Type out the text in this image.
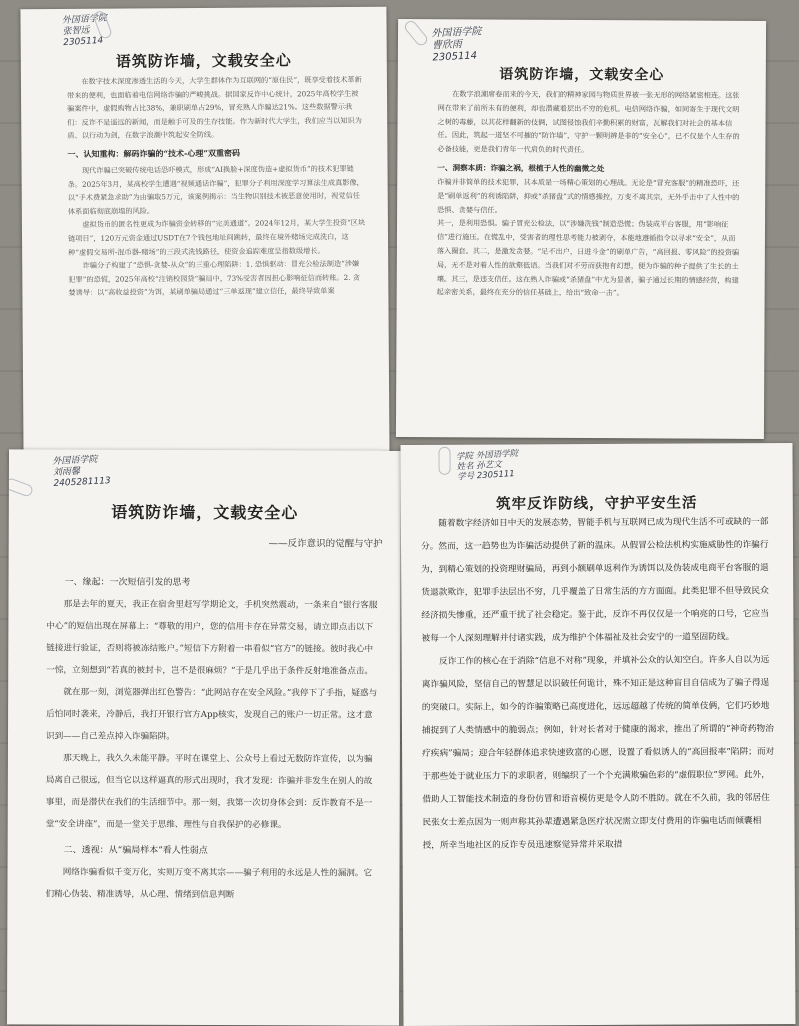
外国语学院
张智远
2305114
语筑防诈墙，文载安全心

在数字技术深度渗透生活的今天，大学生群体作为互联网的“原住民”，既享受着技术革新带来的便利，也面临着电信网络诈骗的严峻挑战。据国家反诈中心统计，2025年高校学生被骗案件中，虚假购物占比38%，兼职刷单占29%，冒充熟人诈骗达21%。这些数据警示我们：反诈不是遥远的新闻，而是触手可及的生存技能。作为新时代大学生，我们应当以知识为盾、以行动为剑，在数字浪潮中筑起安全防线。

一、认知重构：解码诈骗的“技术-心理”双重密码

现代诈骗已突破传统电话恐吓模式，形成“AI换脸+深度伪造+虚拟货币”的技术犯罪链条。2025年3月，某高校学生遭遇“视频通话诈骗”，犯罪分子利用深度学习算法生成真影像，以“手术费紧急求助”为由骗取5万元，该案例揭示：当生物识别技术被恶意使用时，视觉信任体系面临彻底崩塌的风险。

虚拟货币的匿名性更成为诈骗资金转移的“完美通道”。2024年12月，某大学生投资“区块链项目”，120万元资金通过USDT在7个钱包地址间跳转，最终在境外赌场完成洗白，这种“虚假交易所-混币器-赌场”的三段式洗钱路径，使资金追踪难度呈指数级增长。

诈骗分子构建了“恐惧-贪婪-从众”的三重心理陷阱：1. 恐惧驱动：冒充公检法制造“涉嫌犯罪”的恐慌，2025年高校“注销校园贷”骗局中，73%受害者因担心影响征信而转账。2. 贪婪诱导：以“高收益投资”为饵，某刷单骗局通过“三单返现”建立信任，最终导致单案

外国语学院
曹欣雨
2305114
语筑防诈墙，文载安全心

在数字浪潮席卷而来的今天，我们的精神家园与物质世界被一张无形的网络紧密相连。这张网在带来了前所未有的便利，却也潜藏着层出不穷的危机。电信网络诈骗，如同寄生于现代文明之树的毒藤，以其花样翻新的伎俩，试图侵蚀我们辛勤积累的财富，瓦解我们对社会的基本信任。因此，筑起一道坚不可摧的“防诈墙”，守护一颗明辨是非的“安全心”，已不仅是个人生存的必备技能，更是我们青年一代肩负的时代责任。

一、洞察本质：诈骗之祸，根植于人性的幽微之处

诈骗并非简单的技术犯罪，其本质是一场精心策划的心理战。无论是“冒充客服”的精准恐吓，还是“刷单返利”的利诱陷阱，抑或“杀猪盘”式的情感操控，万变不离其宗，无外乎击中了人性中的恐惧、贪婪与信任。

其一，是利用恐惧。骗子冒充公检法，以“涉嫌洗钱”制造恐慌；伪装成平台客服，用“影响征信”进行施压。在慌乱中，受害者的理性思考能力被剥夺，本能地遵循指令以寻求“安全”，从而落入圈套。其二，是激发贪婪。“足不出户，日进斗金”的刷单广告，“高回报、零风险”的投资骗局，无不是对着人性的欲壑低语。当我们对不劳而获抱有幻想，便为诈骗的种子提供了生长的土壤。其三，是违支信任。这在熟人诈骗或“杀猪盘”中尤为显著，骗子通过长期的情感经营，构建起亲密关系，最终在充分的信任基础上，给出“致命一击”。

外国语学院
刘雨馨
2405281113
语筑防诈墙，文载安全心
——反诈意识的觉醒与守护
一、缘起：一次短信引发的思考

那是去年的夏天，我正在宿舍里赶写学期论文，手机突然震动，一条来自“银行客服中心”的短信出现在屏幕上：“尊敬的用户，您的信用卡存在异常交易，请立即点击以下链接进行验证，否则将被冻结账户。”短信下方附着一串看似“官方”的链接。彼时我心中一惊，立刻想到“若真的被封卡，岂不是很麻烦？”于是几乎出于条件反射地准备点击。

就在那一刻，浏览器弹出红色警告：“此网站存在安全风险。”我停下了手指，疑惑与后怕同时袭来，冷静后，我打开银行官方App核实，发现自己的账户一切正常。这才意识到——自己差点掉入诈骗陷阱。

那天晚上，我久久未能平静。平时在课堂上、公众号上看过无数防诈宣传，以为骗局离自己很远，但当它以这样逼真的形式出现时，我才发现：诈骗并非发生在别人的故事里，而是潜伏在我们的生活细节中。那一刻，我第一次切身体会到：反诈教育不是一堂“安全讲座”，而是一堂关于思维、理性与自我保护的必修课。

二、透视：从“骗局样本”看人性弱点

网络诈骗看似千变万化，实则万变不离其宗——骗子利用的永远是人性的漏洞。它们精心伪装、精准诱导，从心理、情绪到信息判断

学院 外国语学院
姓名 孙艺文
学号 2305111
筑牢反诈防线，守护平安生活

随着数字经济如日中天的发展态势，智能手机与互联网已成为现代生活不可或缺的一部分。然而，这一趋势也为诈骗活动提供了新的温床。从假冒公检法机构实施威胁性的诈骗行为，到精心策划的投资理财骗局，再到小额刷单返利作为诱饵以及伪装成电商平台客服的退货退款欺诈，犯罪手法层出不穷，几乎覆盖了日常生活的方方面面。此类犯罪不但导致民众经济损失惨重，还严重干扰了社会稳定。鉴于此，反诈不再仅仅是一个响亮的口号，它应当被每一个人深刻理解并付诸实践，成为维护个体福祉及社会安宁的一道坚固防线。

反诈工作的核心在于消除“信息不对称”现象，并填补公众的认知空白。许多人自以为远离诈骗风险，坚信自己的智慧足以识破任何诡计，殊不知正是这种盲目自信成为了骗子得逞的突破口。实际上，如今的诈骗策略已高度进化，远远超越了传统的简单伎俩，它们巧妙地捕捉到了人类情感中的脆弱点；例如，针对长者对于健康的渴求，推出了所谓的“神奇药物治疗疾病”骗局；迎合年轻群体追求快速致富的心愿，设置了看似诱人的“高回报率”陷阱；而对于那些处于就业压力下的求职者，则编织了一个个充满欺骗色彩的“虚假职位”罗网。此外，借助人工智能技术制造的身份仿冒和语音模仿更是令人防不胜防。就在不久前，我的邻居住民张女士差点因为一则声称其孙辈遭遇紧急医疗状况需立即支付费用的诈骗电话而倾囊相授，所幸当地社区的反诈专员迅速察觉异常并采取措
